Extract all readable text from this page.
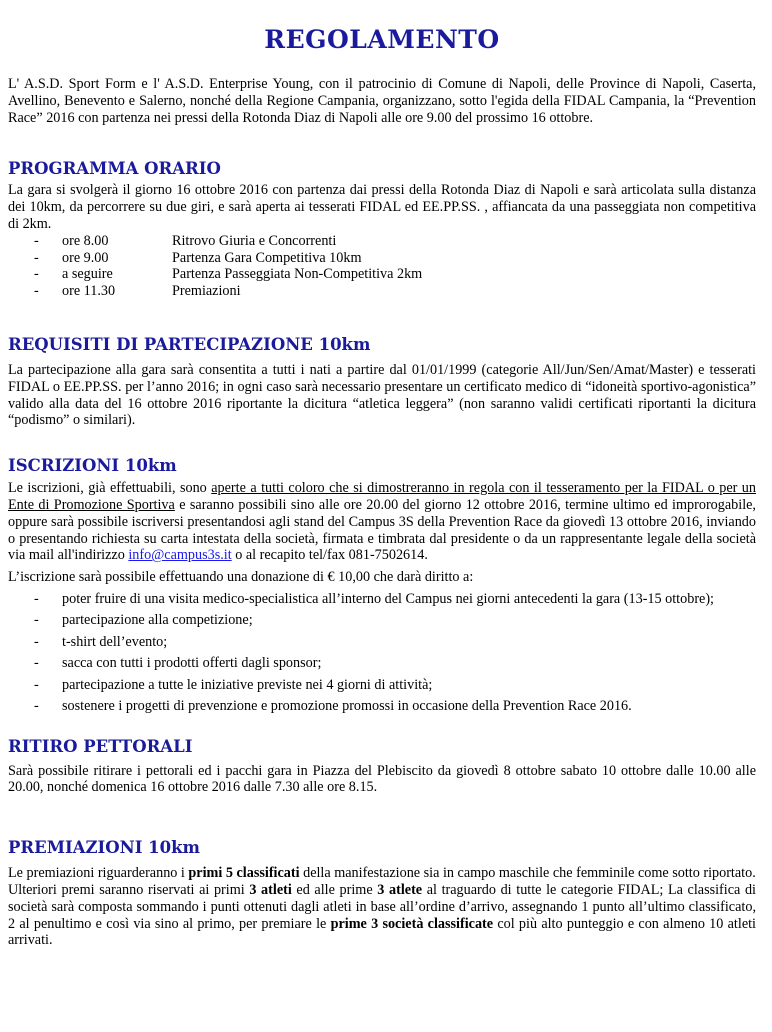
REGOLAMENTO

L' A.S.D. Sport Form e l' A.S.D. Enterprise Young, con il patrocinio di Comune di Napoli, delle Province di Napoli, Caserta, Avellino, Benevento e Salerno, nonché della Regione Campania, organizzano, sotto l'egida della FIDAL Campania, la “Prevention Race” 2016 con partenza nei pressi della Rotonda Diaz di Napoli alle ore 9.00 del prossimo 16 ottobre.

PROGRAMMA ORARIO

La gara si svolgerà il giorno 16 ottobre 2016 con partenza dai pressi della Rotonda Diaz di Napoli e sarà articolata sulla distanza dei 10km, da percorrere su due giri, e sarà aperta ai tesserati FIDAL ed EE.PP.SS. , affiancata da una passeggiata non competitiva di 2km.

-	ore 8.00	Ritrovo Giuria e Concorrenti
-	ore 9.00	Partenza Gara Competitiva 10km
-	a seguire	Partenza Passeggiata Non-Competitiva 2km
-	ore 11.30	Premiazioni
REQUISITI DI PARTECIPAZIONE 10km

La partecipazione alla gara sarà consentita a tutti i nati a partire dal 01/01/1999 (categorie All/Jun/Sen/Amat/Master) e tesserati FIDAL o EE.PP.SS. per l’anno 2016; in ogni caso sarà necessario presentare un certificato medico di “idoneità sportivo-agonistica” valido alla data del 16 ottobre 2016 riportante la dicitura “atletica leggera” (non saranno validi certificati riportanti la dicitura “podismo” o similari).

ISCRIZIONI 10km

Le iscrizioni, già effettuabili, sono aperte a tutti coloro che si dimostreranno in regola con il tesseramento per la FIDAL o per un Ente di Promozione Sportiva e saranno possibili sino alle ore 20.00 del giorno 12 ottobre 2016, termine ultimo ed improrogabile, oppure sarà possibile iscriversi presentandosi agli stand del Campus 3S della Prevention Race da giovedì 13 ottobre 2016, inviando o presentando richiesta su carta intestata della società, firmata e timbrata dal presidente o da un rappresentante legale della società via mail all'indirizzo info@campus3s.it o al recapito tel/fax 081-7502614.

L’iscrizione sarà possibile effettuando una donazione di € 10,00 che darà diritto a:

-	poter fruire di una visita medico-specialistica all’interno del Campus nei giorni antecedenti la gara (13-15 ottobre);
-	partecipazione alla competizione;
-	t-shirt dell’evento;
-	sacca con tutti i prodotti offerti dagli sponsor;
-	partecipazione a tutte le iniziative previste nei 4 giorni di attività;
-	sostenere i progetti di prevenzione e promozione promossi in occasione della Prevention Race 2016.
RITIRO PETTORALI

Sarà possibile ritirare i pettorali ed i pacchi gara in Piazza del Plebiscito da giovedì 8 ottobre sabato 10 ottobre dalle 10.00 alle 20.00, nonché domenica 16 ottobre 2016 dalle 7.30 alle ore 8.15.

PREMIAZIONI 10km

Le premiazioni riguarderanno i primi 5 classificati della manifestazione sia in campo maschile che femminile come sotto riportato.

Ulteriori premi saranno riservati ai primi 3 atleti ed alle prime 3 atlete al traguardo di tutte le categorie FIDAL; La classifica di società sarà composta sommando i punti ottenuti dagli atleti in base all’ordine d’arrivo, assegnando 1 punto all’ultimo classificato, 2 al penultimo e così via sino al primo, per premiare le prime 3 società classificate col più alto punteggio e con almeno 10 atleti arrivati.
